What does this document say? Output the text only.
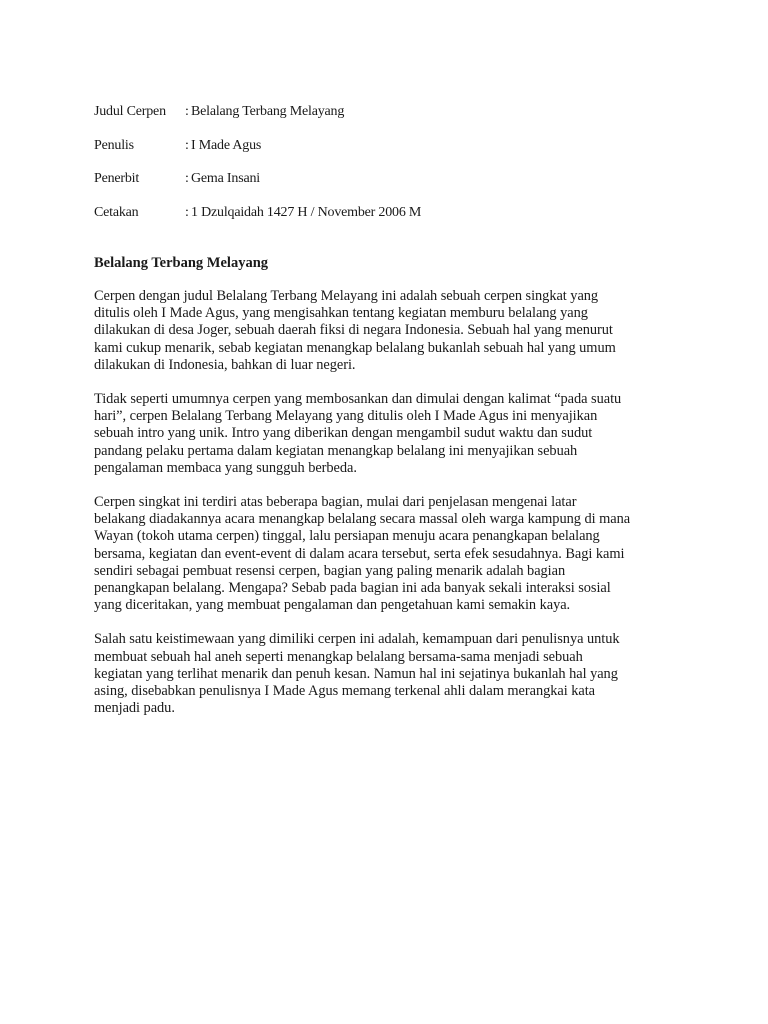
Judul Cerpen	: Belalang Terbang Melayang
Penulis	: I Made Agus
Penerbit	: Gema Insani
Cetakan	: 1 Dzulqaidah 1427 H / November 2006 M
Belalang Terbang Melayang

Cerpen dengan judul Belalang Terbang Melayang ini adalah sebuah cerpen singkat yang
ditulis oleh I Made Agus, yang mengisahkan tentang kegiatan memburu belalang yang
dilakukan di desa Joger, sebuah daerah fiksi di negara Indonesia. Sebuah hal yang menurut
kami cukup menarik, sebab kegiatan menangkap belalang bukanlah sebuah hal yang umum
dilakukan di Indonesia, bahkan di luar negeri.

Tidak seperti umumnya cerpen yang membosankan dan dimulai dengan kalimat “pada suatu
hari”, cerpen Belalang Terbang Melayang yang ditulis oleh I Made Agus ini menyajikan
sebuah intro yang unik. Intro yang diberikan dengan mengambil sudut waktu dan sudut
pandang pelaku pertama dalam kegiatan menangkap belalang ini menyajikan sebuah
pengalaman membaca yang sungguh berbeda.

Cerpen singkat ini terdiri atas beberapa bagian, mulai dari penjelasan mengenai latar
belakang diadakannya acara menangkap belalang secara massal oleh warga kampung di mana
Wayan (tokoh utama cerpen) tinggal, lalu persiapan menuju acara penangkapan belalang
bersama, kegiatan dan event-event di dalam acara tersebut, serta efek sesudahnya. Bagi kami
sendiri sebagai pembuat resensi cerpen, bagian yang paling menarik adalah bagian
penangkapan belalang. Mengapa? Sebab pada bagian ini ada banyak sekali interaksi sosial
yang diceritakan, yang membuat pengalaman dan pengetahuan kami semakin kaya.

Salah satu keistimewaan yang dimiliki cerpen ini adalah, kemampuan dari penulisnya untuk
membuat sebuah hal aneh seperti menangkap belalang bersama-sama menjadi sebuah
kegiatan yang terlihat menarik dan penuh kesan. Namun hal ini sejatinya bukanlah hal yang
asing, disebabkan penulisnya I Made Agus memang terkenal ahli dalam merangkai kata
menjadi padu.
